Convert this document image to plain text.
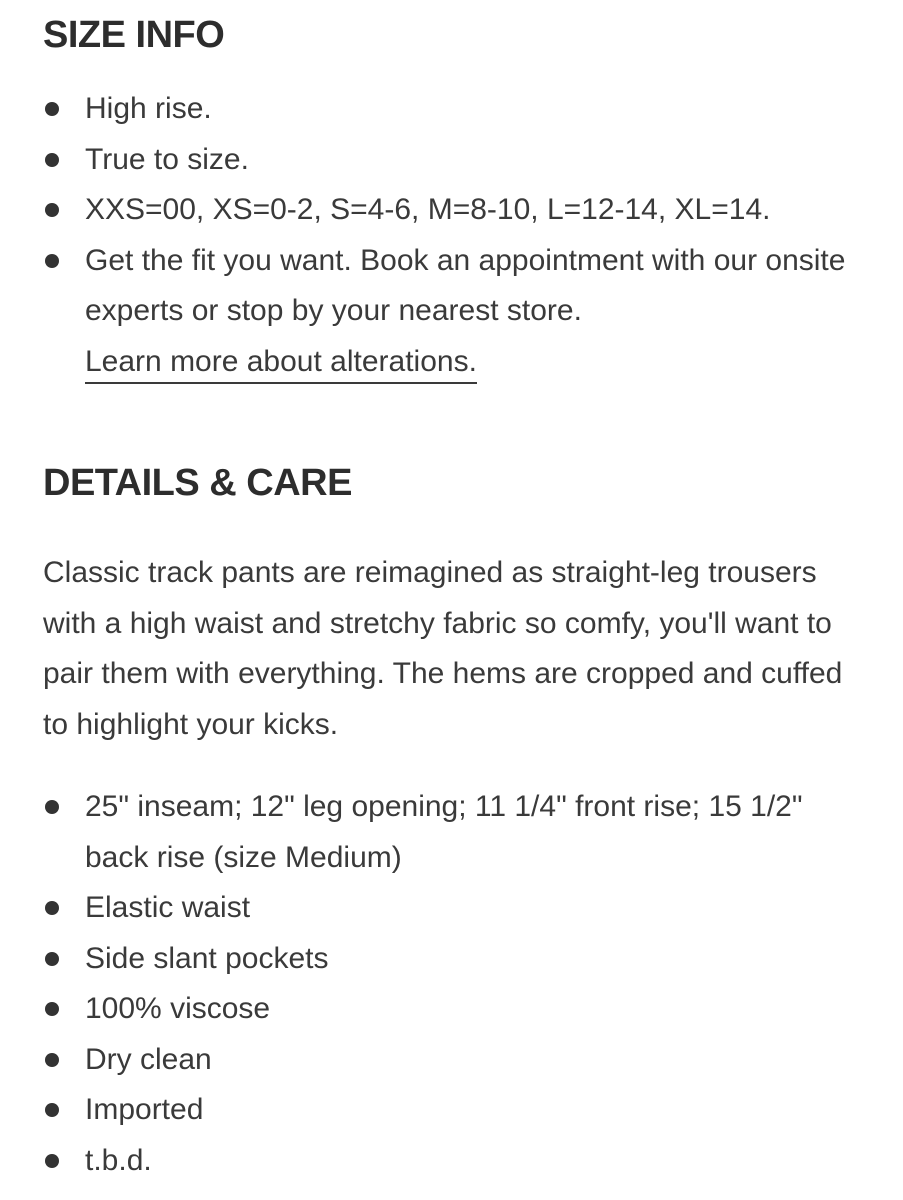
SIZE INFO
High rise.
True to size.
XXS=00, XS=0-2, S=4-6, M=8-10, L=12-14, XL=14.
Get the fit you want. Book an appointment with our onsite experts or stop by your nearest store.
Learn more about alterations.
DETAILS & CARE

Classic track pants are reimagined as straight-leg trousers with a high waist and stretchy fabric so comfy, you'll want to pair them with everything. The hems are cropped and cuffed to highlight your kicks.

25" inseam; 12" leg opening; 11 1/4" front rise; 15 1/2" back rise (size Medium)
Elastic waist
Side slant pockets
100% viscose
Dry clean
Imported
t.b.d.
